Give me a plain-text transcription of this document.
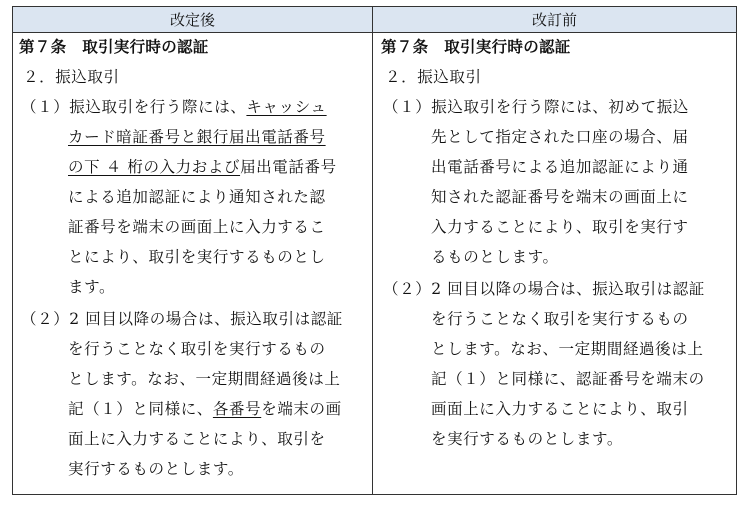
改定後	改訂前
第７条　取引実行時の認証
２．振込取引
（１）振込取引を行う際には、キャッシュ
カード暗証番号と銀行届出電話番号
の下 ４ 桁の入力および届出電話番号
による追加認証により通知された認
証番号を端末の画面上に入力するこ
とにより、取引を実行するものとし
ます。
（２）2 回目以降の場合は、振込取引は認証
を行うことなく取引を実行するもの
とします。なお、一定期間経過後は上
記（１）と同様に、各番号を端末の画
面上に入力することにより、取引を
実行するものとします。
第７条　取引実行時の認証
２．振込取引
（１）振込取引を行う際には、初めて振込
先として指定された口座の場合、届
出電話番号による追加認証により通
知された認証番号を端末の画面上に
入力することにより、取引を実行す
るものとします。
（２）2 回目以降の場合は、振込取引は認証
を行うことなく取引を実行するもの
とします。なお、一定期間経過後は上
記（１）と同様に、認証番号を端末の
画面上に入力することにより、取引
を実行するものとします。
